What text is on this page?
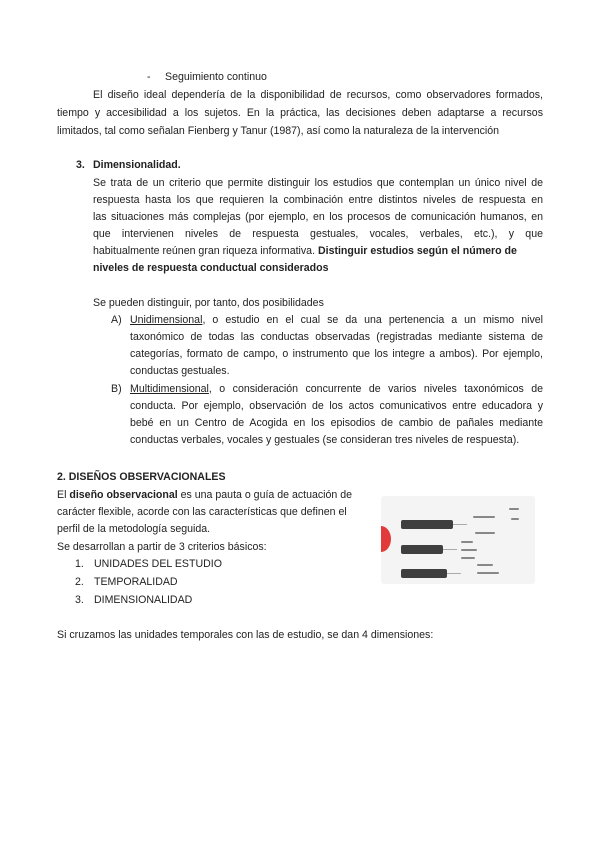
- Seguimiento continuo
El diseño ideal dependería de la disponibilidad de recursos, como observadores formados,
tiempo y accesibilidad a los sujetos. En la práctica, las decisiones deben adaptarse a recursos
limitados, tal como señalan Fienberg y Tanur (1987), así como la naturaleza de la intervención
3. Dimensionalidad.
Se trata de un criterio que permite distinguir los estudios que contemplan un único nivel de
respuesta hasta los que requieren la combinación entre distintos niveles de respuesta en
las situaciones más complejas (por ejemplo, en los procesos de comunicación humanos, en
que intervienen niveles de respuesta gestuales, vocales, verbales, etc.), y que
habitualmente reúnen gran riqueza informativa. Distinguir estudios según el número de
niveles de respuesta conductual considerados
Se pueden distinguir, por tanto, dos posibilidades
A) Unidimensional, o estudio en el cual se da una pertenencia a un mismo nivel
taxonómico de todas las conductas observadas (registradas mediante sistema de
categorías, formato de campo, o instrumento que los integre a ambos). Por ejemplo,
conductas gestuales.
B) Multidimensional, o consideración concurrente de varios niveles taxonómicos de
conducta. Por ejemplo, observación de los actos comunicativos entre educadora y
bebé en un Centro de Acogida en los episodios de cambio de pañales mediante
conductas verbales, vocales y gestuales (se consideran tres niveles de respuesta).
2. DISEÑOS OBSERVACIONALES
El diseño observacional es una pauta o guía de actuación de
carácter flexible, acorde con las características que definen el
perfil de la metodología seguida.
Se desarrollan a partir de 3 criterios básicos:
1. UNIDADES DEL ESTUDIO
2. TEMPORALIDAD
3. DIMENSIONALIDAD
Si cruzamos las unidades temporales con las de estudio, se dan 4 dimensiones:
